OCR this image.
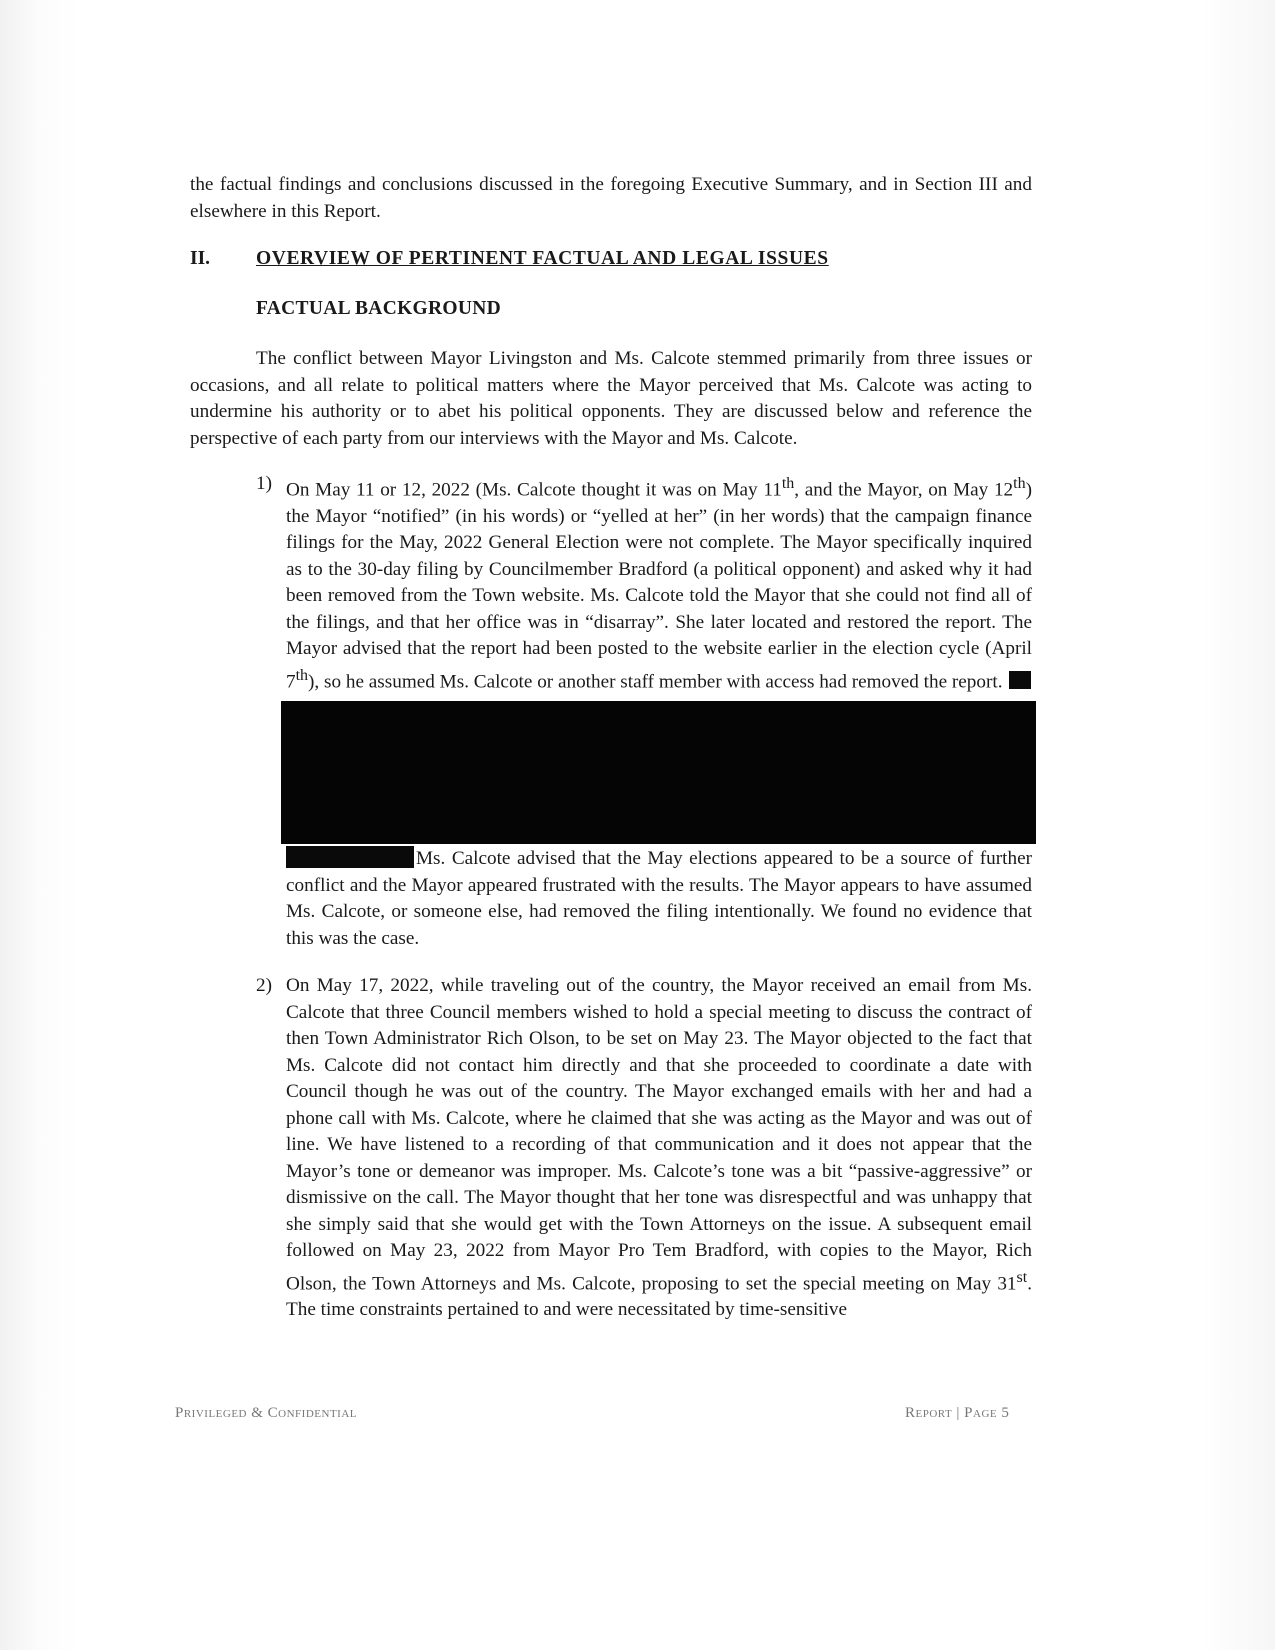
the factual findings and conclusions discussed in the foregoing Executive Summary, and in Section III and elsewhere in this Report.

II. OVERVIEW OF PERTINENT FACTUAL AND LEGAL ISSUES
FACTUAL BACKGROUND

The conflict between Mayor Livingston and Ms. Calcote stemmed primarily from three issues or occasions, and all relate to political matters where the Mayor perceived that Ms. Calcote was acting to undermine his authority or to abet his political opponents. They are discussed below and reference the perspective of each party from our interviews with the Mayor and Ms. Calcote.

1) On May 11 or 12, 2022 (Ms. Calcote thought it was on May 11th, and the Mayor, on May 12th) the Mayor “notified” (in his words) or “yelled at her” (in her words) that the campaign finance filings for the May, 2022 General Election were not complete. The Mayor specifically inquired as to the 30-day filing by Councilmember Bradford (a political opponent) and asked why it had been removed from the Town website. Ms. Calcote told the Mayor that she could not find all of the filings, and that her office was in “disarray”. She later located and restored the report. The Mayor advised that the report had been posted to the website earlier in the election cycle (April 7th), so he assumed Ms. Calcote or another staff member with access had removed the report.

Ms. Calcote advised that the May elections appeared to be a source of further conflict and the Mayor appeared frustrated with the results. The Mayor appears to have assumed Ms. Calcote, or someone else, had removed the filing intentionally. We found no evidence that this was the case.

2) On May 17, 2022, while traveling out of the country, the Mayor received an email from Ms. Calcote that three Council members wished to hold a special meeting to discuss the contract of then Town Administrator Rich Olson, to be set on May 23. The Mayor objected to the fact that Ms. Calcote did not contact him directly and that she proceeded to coordinate a date with Council though he was out of the country. The Mayor exchanged emails with her and had a phone call with Ms. Calcote, where he claimed that she was acting as the Mayor and was out of line. We have listened to a recording of that communication and it does not appear that the Mayor’s tone or demeanor was improper. Ms. Calcote’s tone was a bit “passive-aggressive” or dismissive on the call. The Mayor thought that her tone was disrespectful and was unhappy that she simply said that she would get with the Town Attorneys on the issue. A subsequent email followed on May 23, 2022 from Mayor Pro Tem Bradford, with copies to the Mayor, Rich Olson, the Town Attorneys and Ms. Calcote, proposing to set the special meeting on May 31st. The time constraints pertained to and were necessitated by time-sensitive

Privileged & Confidential	Report | Page 5
